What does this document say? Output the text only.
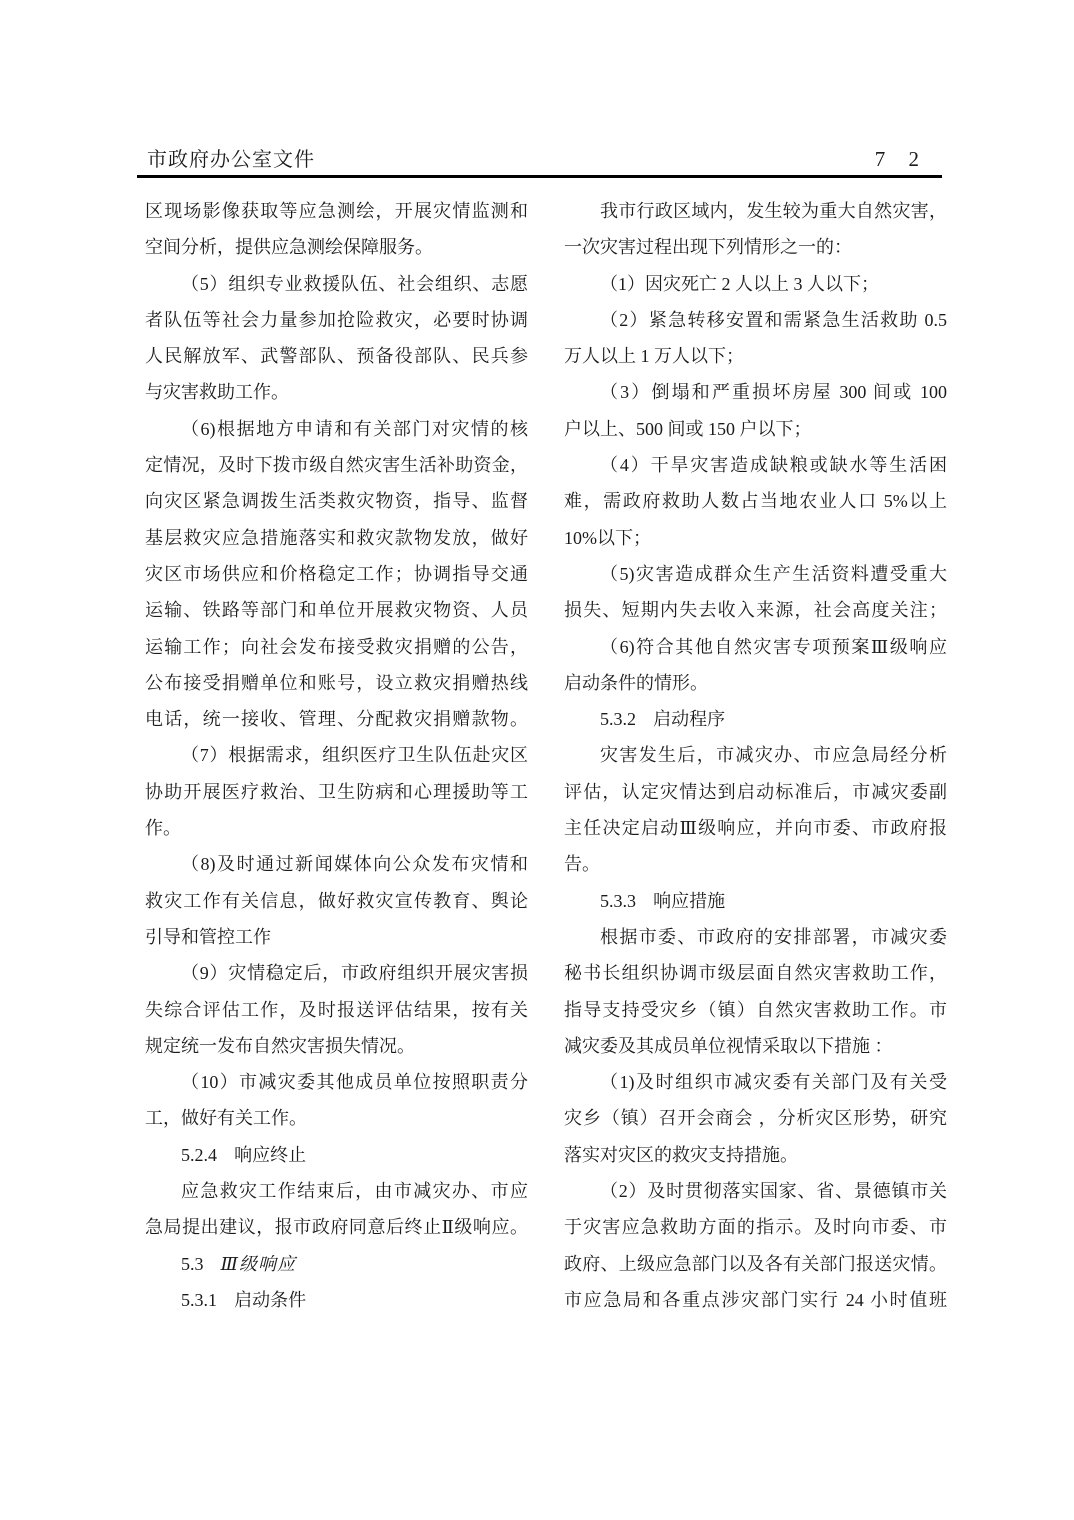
市政府办公室文件	7 2
区现场影像获取等应急测绘，开展灾情监测和
空间分析，提供应急测绘保障服务。
（5）组织专业救援队伍、社会组织、志愿
者队伍等社会力量参加抢险救灾，必要时协调
人民解放军、武警部队、预备役部队、民兵参
与灾害救助工作。
（6)根据地方申请和有关部门对灾情的核
定情况，及时下拨市级自然灾害生活补助资金，
向灾区紧急调拨生活类救灾物资，指导、监督
基层救灾应急措施落实和救灾款物发放，做好
灾区市场供应和价格稳定工作；协调指导交通
运输、铁路等部门和单位开展救灾物资、人员
运输工作；向社会发布接受救灾捐赠的公告，
公布接受捐赠单位和账号，设立救灾捐赠热线
电话，统一接收、管理、分配救灾捐赠款物。
（7）根据需求，组织医疗卫生队伍赴灾区
协助开展医疗救治、卫生防病和心理援助等工
作。
（8)及时通过新闻媒体向公众发布灾情和
救灾工作有关信息，做好救灾宣传教育、舆论
引导和管控工作
（9）灾情稳定后，市政府组织开展灾害损
失综合评估工作，及时报送评估结果，按有关
规定统一发布自然灾害损失情况。
（10）市减灾委其他成员单位按照职责分
工，做好有关工作。
5.2.4 响应终止
应急救灾工作结束后，由市减灾办、市应
急局提出建议，报市政府同意后终止Ⅱ级响应。
5.3 Ⅲ级响应
5.3.1 启动条件
我市行政区域内，发生较为重大自然灾害，
一次灾害过程出现下列情形之一的：
（1）因灾死亡 2 人以上 3 人以下；
（2）紧急转移安置和需紧急生活救助 0.5
万人以上 1 万人以下；
（3）倒塌和严重损坏房屋 300 间或 100
户以上、500 间或 150 户以下；
（4）干旱灾害造成缺粮或缺水等生活困
难，需政府救助人数占当地农业人口 5%以上
10%以下；
（5)灾害造成群众生产生活资料遭受重大
损失、短期内失去收入来源，社会高度关注；
（6)符合其他自然灾害专项预案Ⅲ级响应
启动条件的情形。
5.3.2 启动程序
灾害发生后，市减灾办、市应急局经分析
评估，认定灾情达到启动标准后，市减灾委副
主任决定启动Ⅲ级响应，并向市委、市政府报
告。
5.3.3 响应措施
根据市委、市政府的安排部署，市减灾委
秘书长组织协调市级层面自然灾害救助工作，
指导支持受灾乡（镇）自然灾害救助工作。市
减灾委及其成员单位视情采取以下措施 ：
（1)及时组织市减灾委有关部门及有关受
灾乡（镇）召开会商会 ，分析灾区形势，研究
落实对灾区的救灾支持措施。
（2）及时贯彻落实国家、省、景德镇市关
于灾害应急救助方面的指示。及时向市委、市
政府、上级应急部门以及各有关部门报送灾情。
市应急局和各重点涉灾部门实行 24 小时值班
